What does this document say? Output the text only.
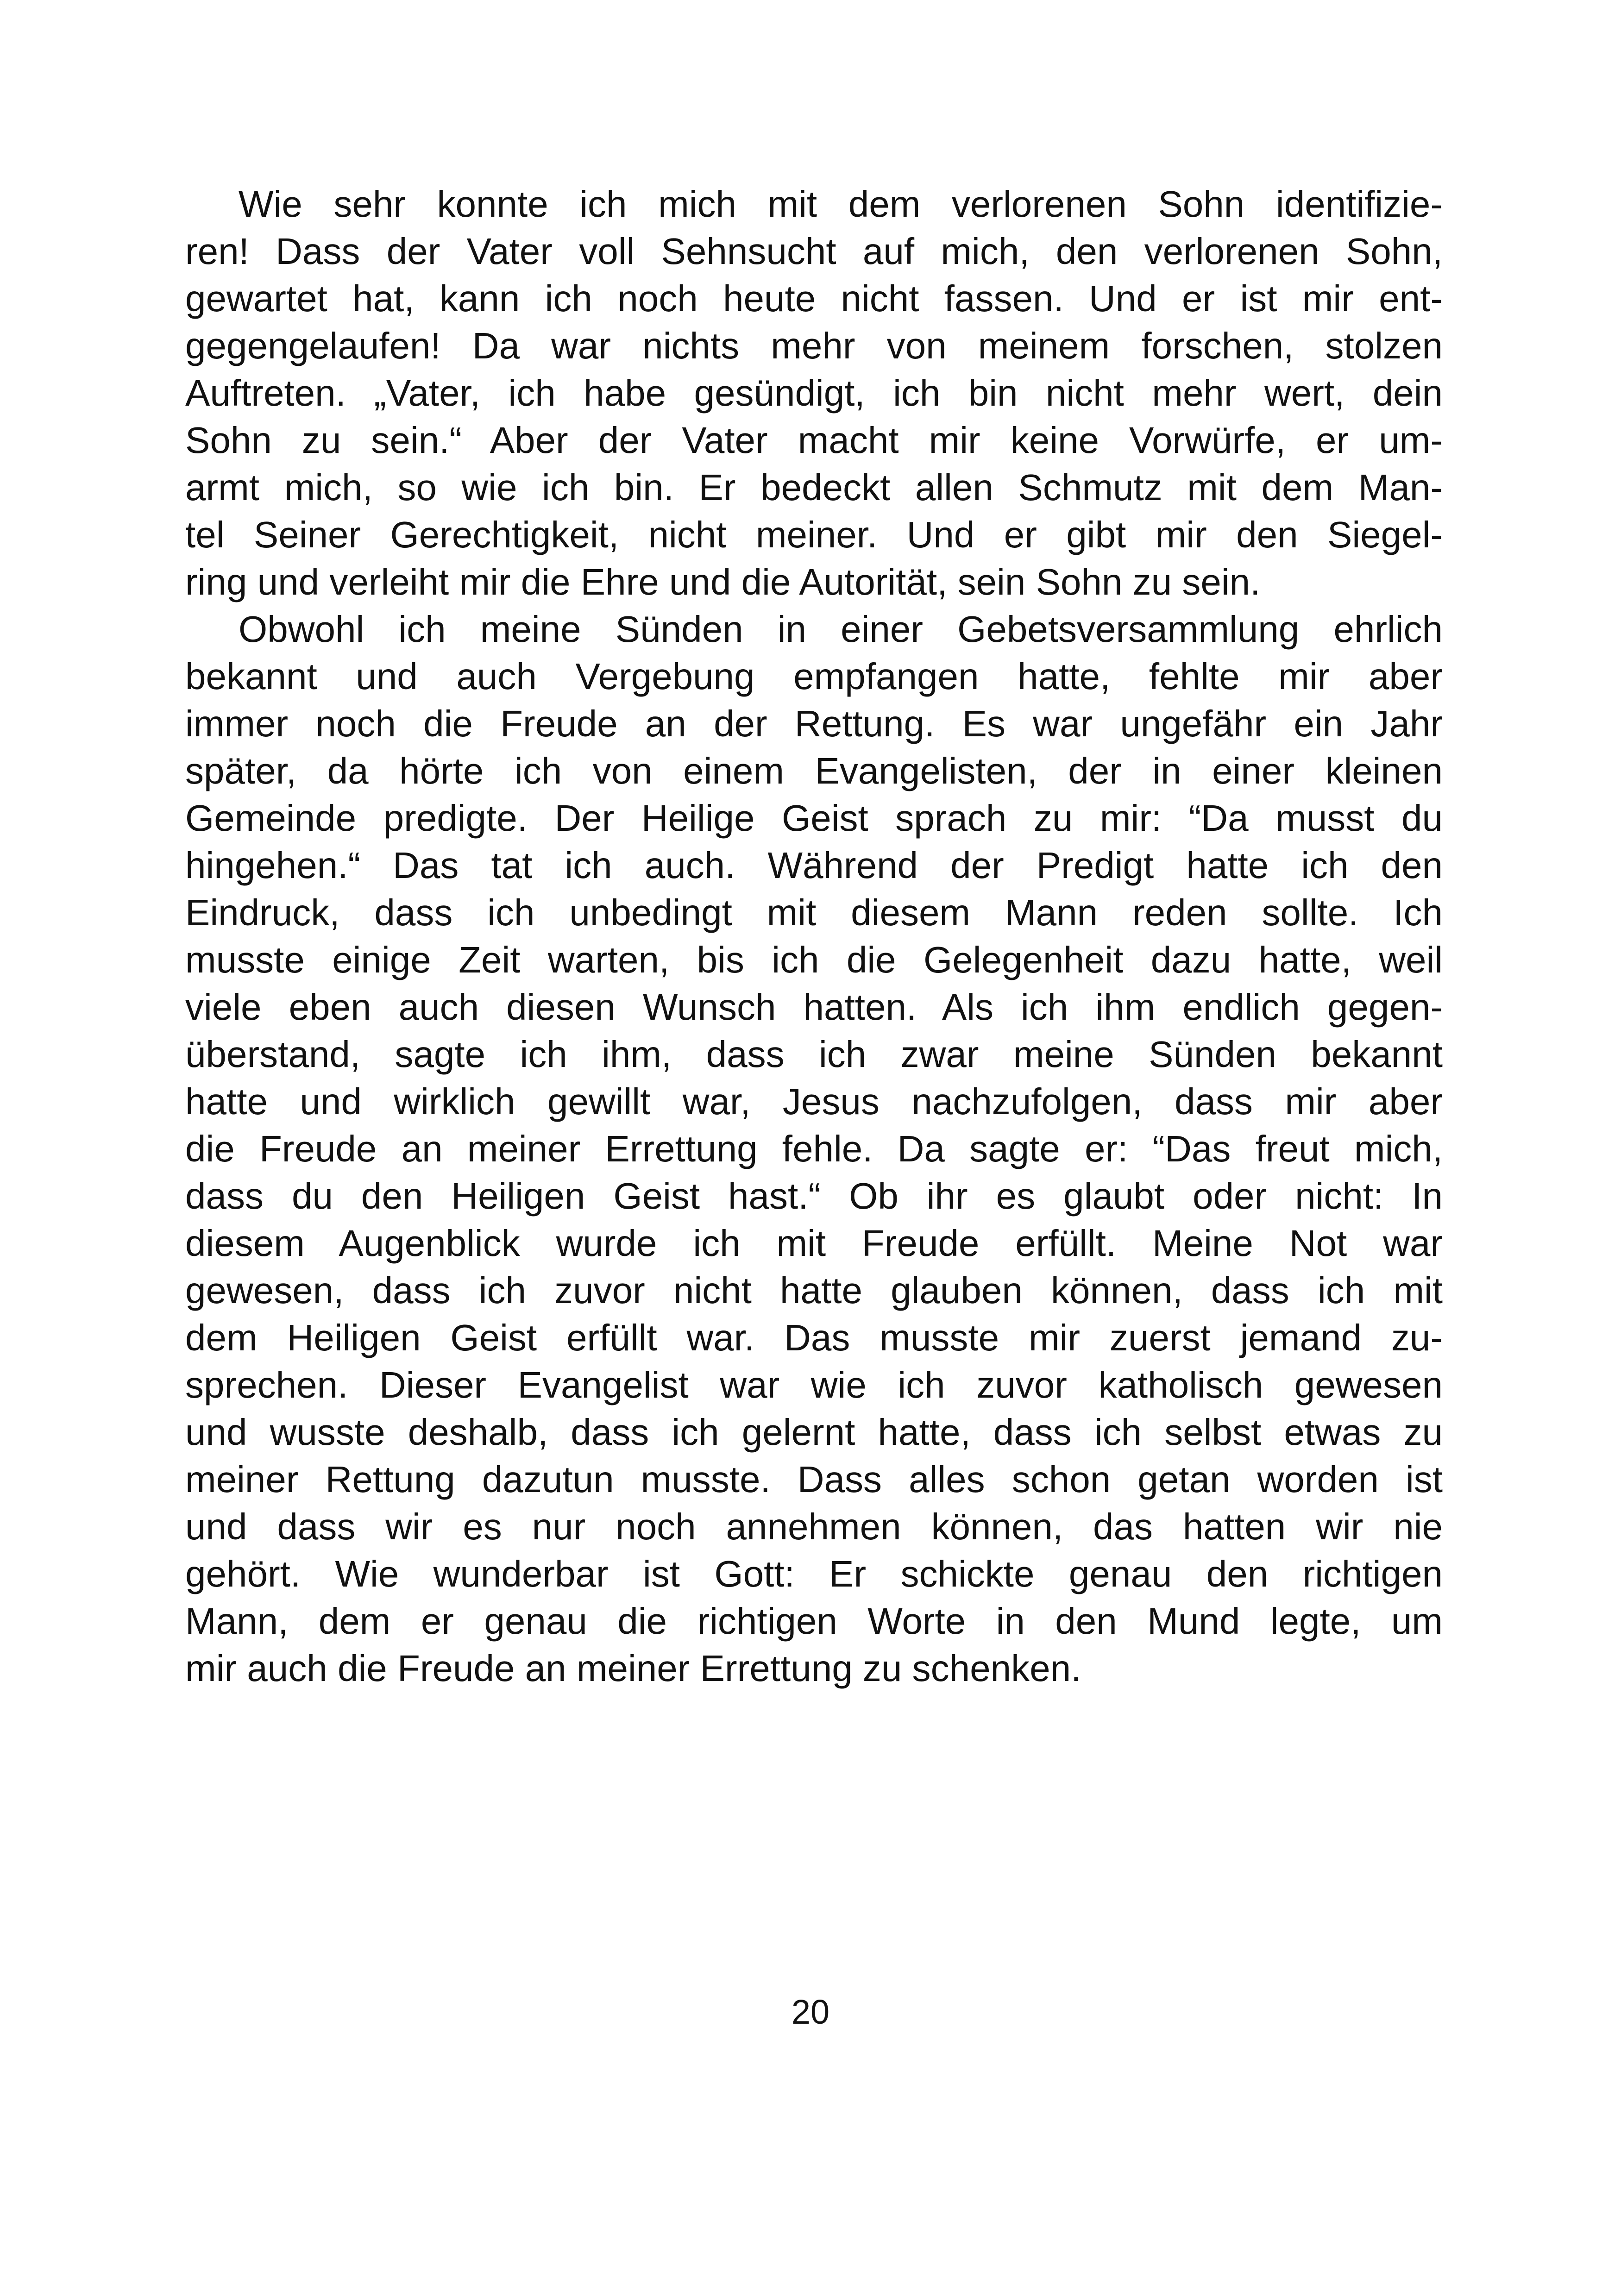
Wie sehr konnte ich mich mit dem verlorenen Sohn identifizie-
ren! Dass der Vater voll Sehnsucht auf mich, den verlorenen Sohn,
gewartet hat, kann ich noch heute nicht fassen. Und er ist mir ent-
gegengelaufen! Da war nichts mehr von meinem forschen, stolzen
Auftreten. „Vater, ich habe gesündigt, ich bin nicht mehr wert, dein
Sohn zu sein.“ Aber der Vater macht mir keine Vorwürfe, er um-
armt mich, so wie ich bin. Er bedeckt allen Schmutz mit dem Man-
tel Seiner Gerechtigkeit, nicht meiner. Und er gibt mir den Siegel-
ring und verleiht mir die Ehre und die Autorität, sein Sohn zu sein.
Obwohl ich meine Sünden in einer Gebetsversammlung ehrlich
bekannt und auch Vergebung empfangen hatte, fehlte mir aber
immer noch die Freude an der Rettung. Es war ungefähr ein Jahr
später, da hörte ich von einem Evangelisten, der in einer kleinen
Gemeinde predigte. Der Heilige Geist sprach zu mir: “Da musst du
hingehen.“ Das tat ich auch. Während der Predigt hatte ich den
Eindruck, dass ich unbedingt mit diesem Mann reden sollte. Ich
musste einige Zeit warten, bis ich die Gelegenheit dazu hatte, weil
viele eben auch diesen Wunsch hatten. Als ich ihm endlich gegen-
überstand, sagte ich ihm, dass ich zwar meine Sünden bekannt
hatte und wirklich gewillt war, Jesus nachzufolgen, dass mir aber
die Freude an meiner Errettung fehle. Da sagte er: “Das freut mich,
dass du den Heiligen Geist hast.“ Ob ihr es glaubt oder nicht: In
diesem Augenblick wurde ich mit Freude erfüllt. Meine Not war
gewesen, dass ich zuvor nicht hatte glauben können, dass ich mit
dem Heiligen Geist erfüllt war. Das musste mir zuerst jemand zu-
sprechen. Dieser Evangelist war wie ich zuvor katholisch gewesen
und wusste deshalb, dass ich gelernt hatte, dass ich selbst etwas zu
meiner Rettung dazutun musste. Dass alles schon getan worden ist
und dass wir es nur noch annehmen können, das hatten wir nie
gehört. Wie wunderbar ist Gott: Er schickte genau den richtigen
Mann, dem er genau die richtigen Worte in den Mund legte, um
mir auch die Freude an meiner Errettung zu schenken.
20
